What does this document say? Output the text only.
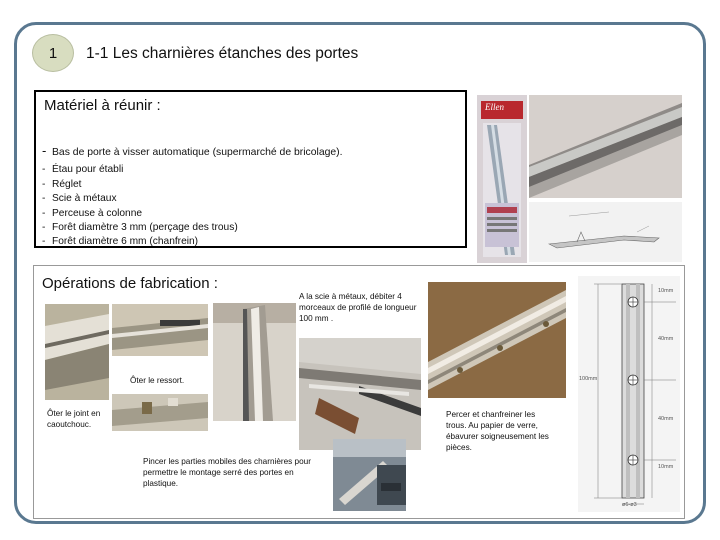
1 1-1 Les charnières étanches des portes
Matériel à réunir :
- Bas de porte à visser automatique (supermarché de bricolage).
- Étau pour établi
- Réglet
- Scie à métaux
- Perceuse à colonne
- Forêt diamètre 3 mm (perçage des trous)
- Forêt diamètre 6 mm (chanfrein)
Ellen
Opérations de fabrication :
A la scie à métaux, débiter 4 morceaux de profilé de longueur 100 mm .
Ôter le ressort.
Ôter le joint en caoutchouc.
Pincer les parties mobiles des charnières pour permettre le montage serré des portes en plastique.
Percer et chanfreiner les trous. Au papier de verre, ébavurer soigneusement les pièces.
10mm
40mm
100mm
40mm
10mm
ø6-ø3
